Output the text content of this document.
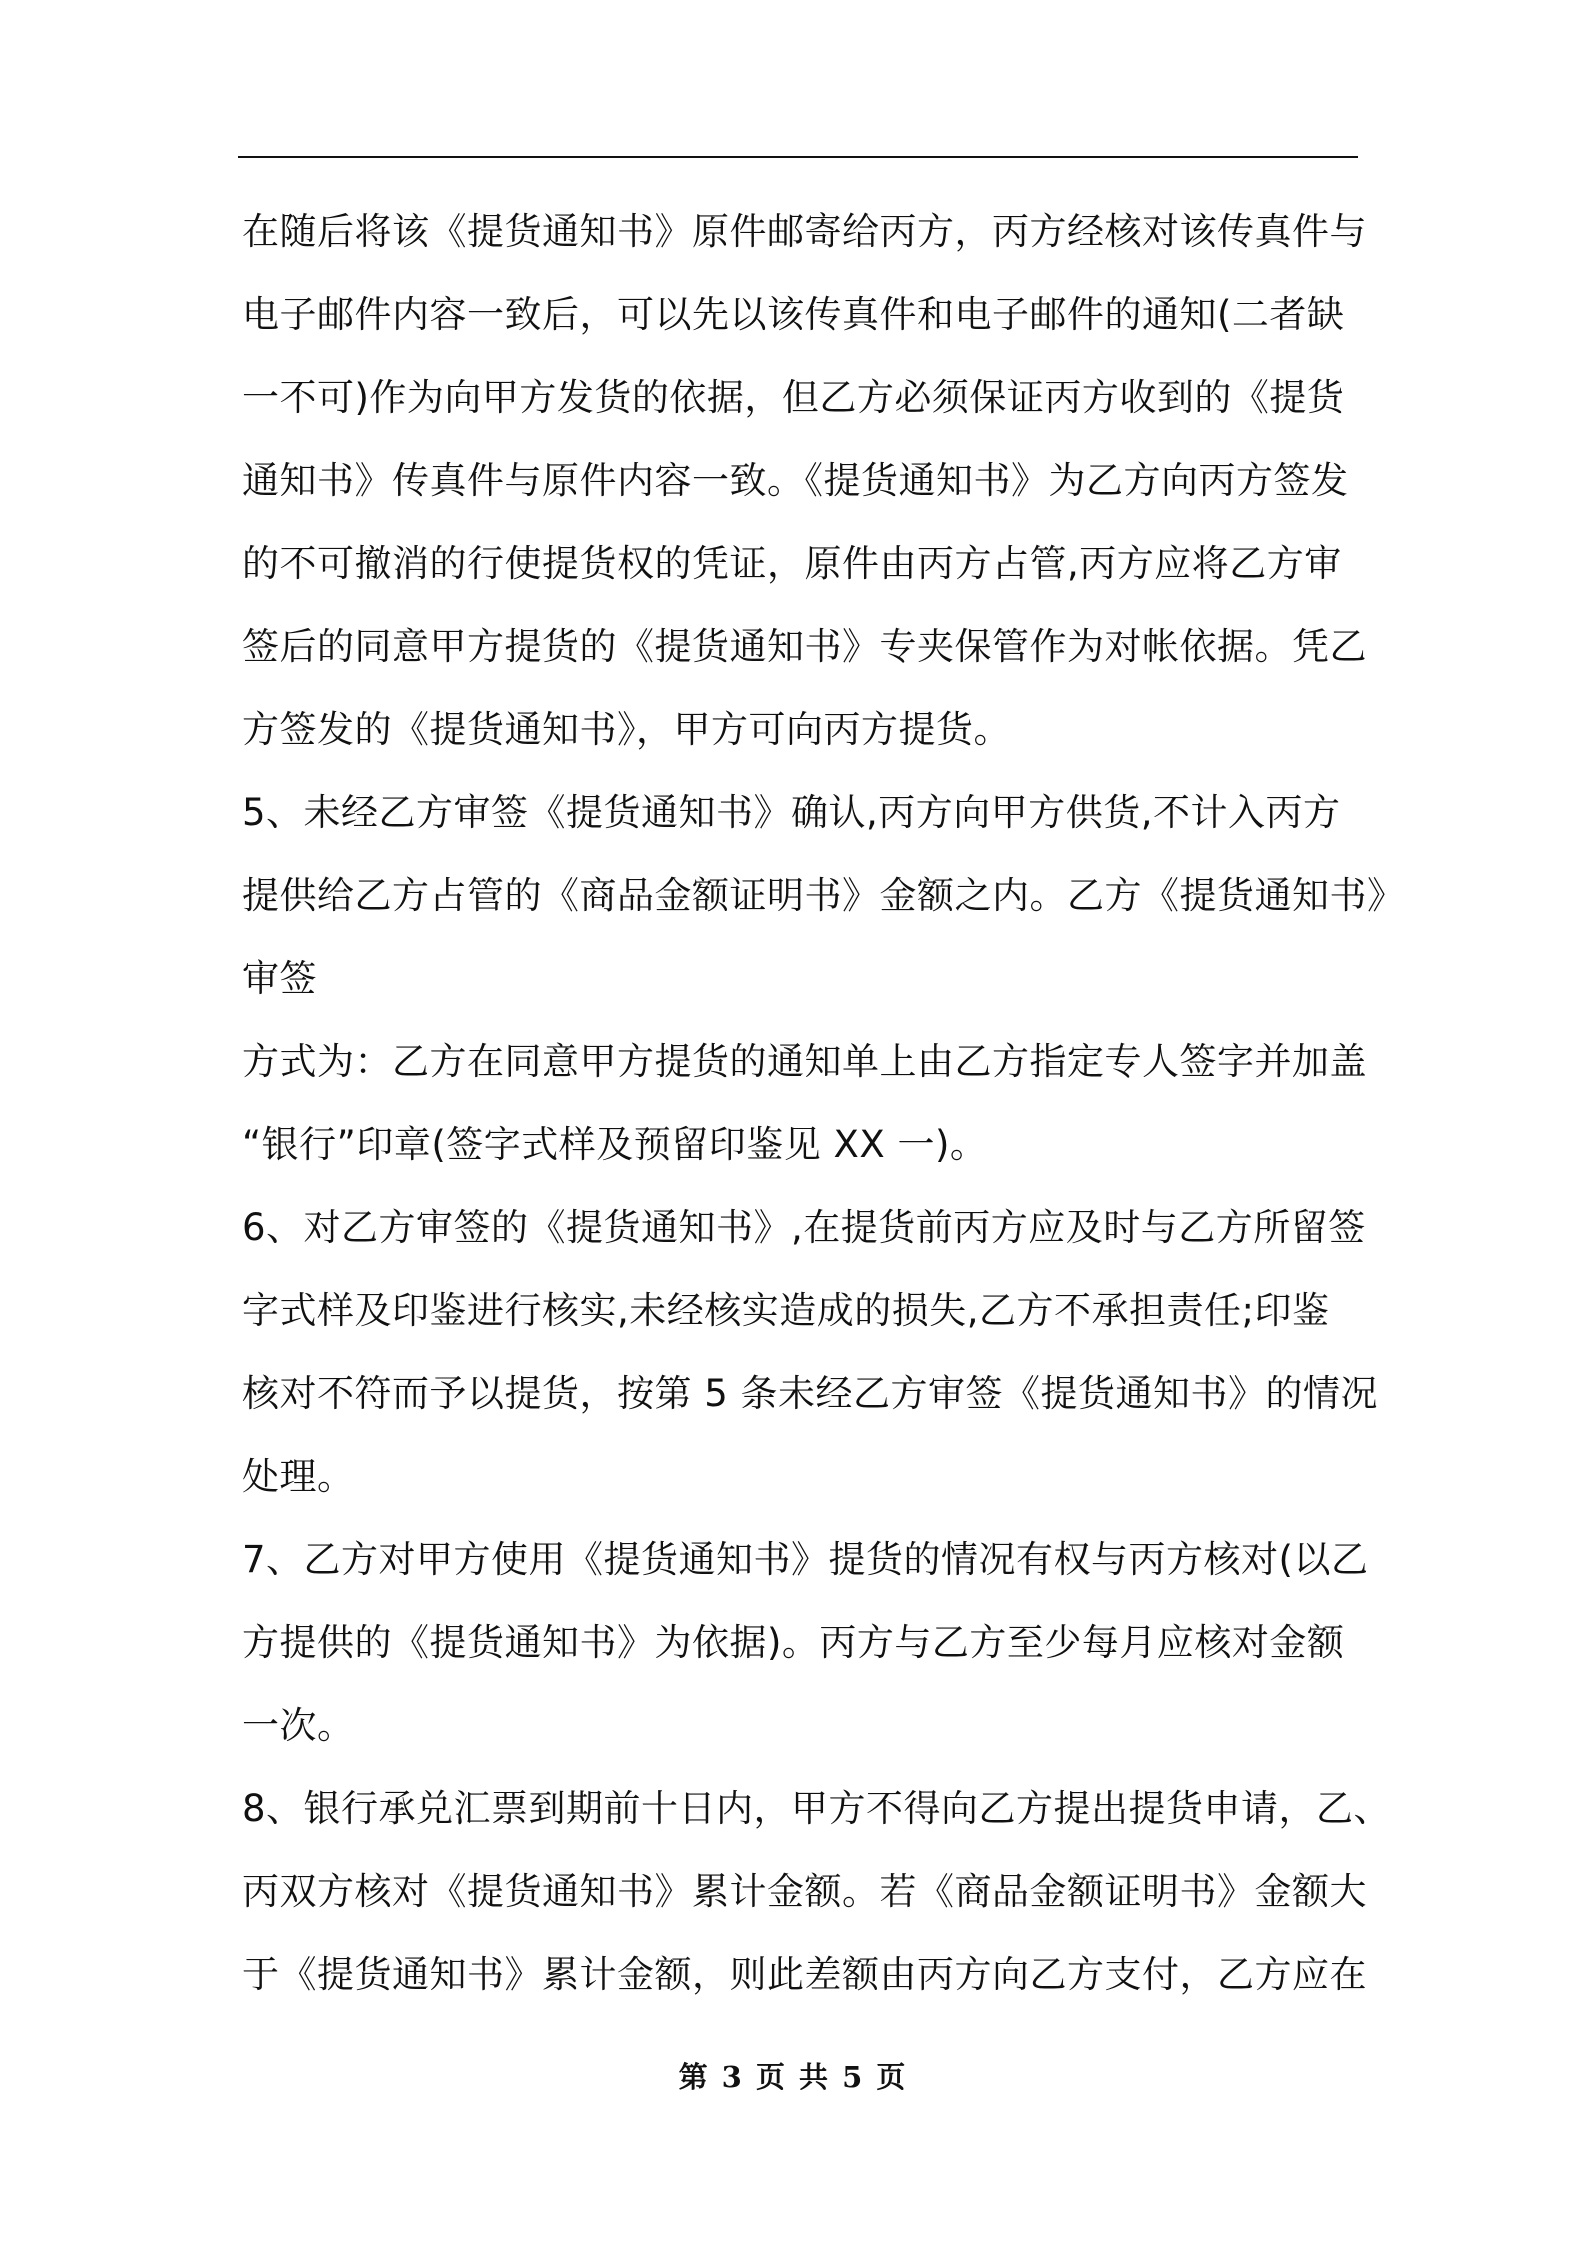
在随后将该《提货通知书》原件邮寄给丙方，丙方经核对该传真件与
电子邮件内容一致后，可以先以该传真件和电子邮件的通知(二者缺
一不可)作为向甲方发货的依据，但乙方必须保证丙方收到的《提货
通知书》传真件与原件内容一致。《提货通知书》为乙方向丙方签发
的不可撤消的行使提货权的凭证，原件由丙方占管,丙方应将乙方审
签后的同意甲方提货的《提货通知书》专夹保管作为对帐依据。凭乙
方签发的《提货通知书》，甲方可向丙方提货。
5、未经乙方审签《提货通知书》确认,丙方向甲方供货,不计入丙方
提供给乙方占管的《商品金额证明书》金额之内。乙方《提货通知书》
审签
方式为：乙方在同意甲方提货的通知单上由乙方指定专人签字并加盖
“银行”印章(签字式样及预留印鉴见 XX 一)。
6、对乙方审签的《提货通知书》,在提货前丙方应及时与乙方所留签
字式样及印鉴进行核实,未经核实造成的损失,乙方不承担责任;印鉴
核对不符而予以提货，按第 5 条未经乙方审签《提货通知书》的情况
处理。
7、乙方对甲方使用《提货通知书》提货的情况有权与丙方核对(以乙
方提供的《提货通知书》为依据)。丙方与乙方至少每月应核对金额
一次。
8、银行承兑汇票到期前十日内，甲方不得向乙方提出提货申请，乙、
丙双方核对《提货通知书》累计金额。若《商品金额证明书》金额大
于《提货通知书》累计金额，则此差额由丙方向乙方支付，乙方应在
第 3 页 共 5 页
